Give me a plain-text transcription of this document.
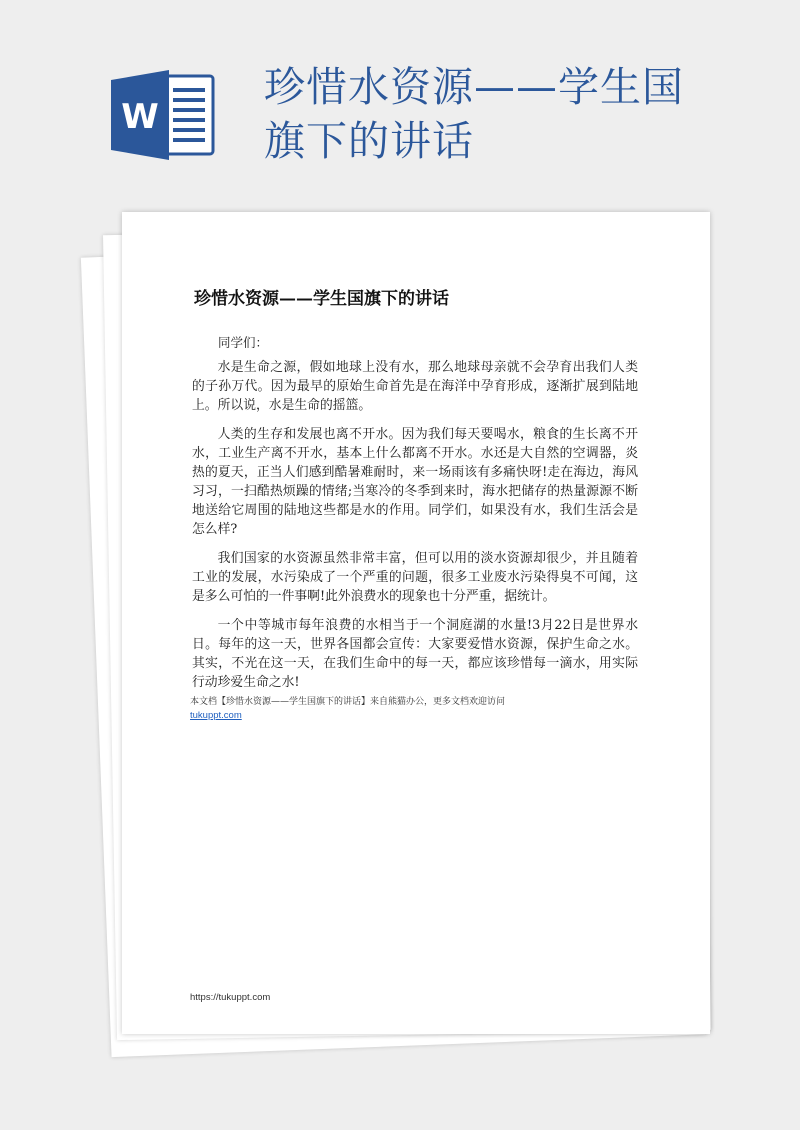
W
珍惜水资源——学生国旗下的讲话
珍惜水资源——学生国旗下的讲话
同学们：

水是生命之源，假如地球上没有水，那么地球母亲就不会孕育出我们人类的子孙万代。因为最早的原始生命首先是在海洋中孕育形成，逐渐扩展到陆地上。所以说，水是生命的摇篮。

人类的生存和发展也离不开水。因为我们每天要喝水，粮食的生长离不开水，工业生产离不开水，基本上什么都离不开水。水还是大自然的空调器，炎热的夏天，正当人们感到酷暑难耐时，来一场雨该有多痛快呀!走在海边，海风习习，一扫酷热烦躁的情绪;当寒冷的冬季到来时，海水把储存的热量源源不断地送给它周围的陆地这些都是水的作用。同学们，如果没有水，我们生活会是怎么样?

我们国家的水资源虽然非常丰富，但可以用的淡水资源却很少，并且随着工业的发展，水污染成了一个严重的问题，很多工业废水污染得臭不可闻，这是多么可怕的一件事啊!此外浪费水的现象也十分严重，据统计。

一个中等城市每年浪费的水相当于一个洞庭湖的水量!3月22日是世界水日。每年的这一天，世界各国都会宣传：大家要爱惜水资源，保护生命之水。其实，不光在这一天，在我们生命中的每一天，都应该珍惜每一滴水，用实际行动珍爱生命之水!

本文档【珍惜水资源——学生国旗下的讲话】来自熊猫办公，更多文档欢迎访问
tukuppt.com
https://tukuppt.com
